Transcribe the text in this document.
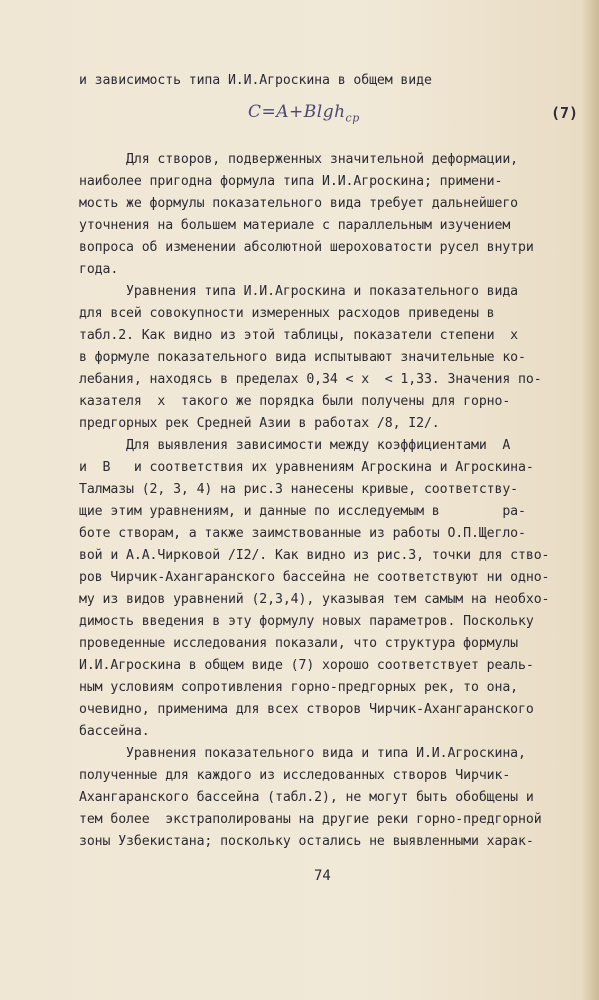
и зависимость типа И.И.Агроскина в общем виде
C=A+Blgh$_{ср}$	(7)
Для створов, подверженных значительной деформации,
наиболее пригодна формула типа И.И.Агроскина; примени-
мость же формулы показательного вида требует дальнейшего
уточнения на большем материале с параллельным изучением
вопроса об изменении абсолютной шероховатости русел внутри
года.
Уравнения типа И.И.Агроскина и показательного вида
для всей совокупности измеренных расходов приведены в
табл.2. Как видно из этой таблицы, показатели степени  x
в формуле показательного вида испытывают значительные ко-
лебания, находясь в пределах 0,34 < x  < 1,33. Значения по-
казателя  x  такого же порядка были получены для горно-
предгорных рек Средней Азии в работах /8, I2/.
Для выявления зависимости между коэффициентами  A
и  B   и соответствия их уравнениям Агроскина и Агроскина-
Талмазы (2, 3, 4) на рис.3 нанесены кривые, соответству-
щие этим уравнениям, и данные по исследуемым в        ра-
боте створам, а также заимствованные из работы О.П.Щегло-
вой и А.А.Чирковой /I2/. Как видно из рис.3, точки для ство-
ров Чирчик-Ахангаранского бассейна не соответствуют ни одно-
му из видов уравнений (2,3,4), указывая тем самым на необхо-
димость введения в эту формулу новых параметров. Поскольку
проведенные исследования показали, что структура формулы
И.И.Агроскина в общем виде (7) хорошо соответствует реаль-
ным условиям сопротивления горно-предгорных рек, то она,
очевидно, применима для всех створов Чирчик-Ахангаранского
бассейна.
Уравнения показательного вида и типа И.И.Агроскина,
полученные для каждого из исследованных створов Чирчик-
Ахангаранского бассейна (табл.2), не могут быть обобщены и
тем более  экстраполированы на другие реки горно-предгорной
зоны Узбекистана; поскольку остались не выявленными харак-
74
